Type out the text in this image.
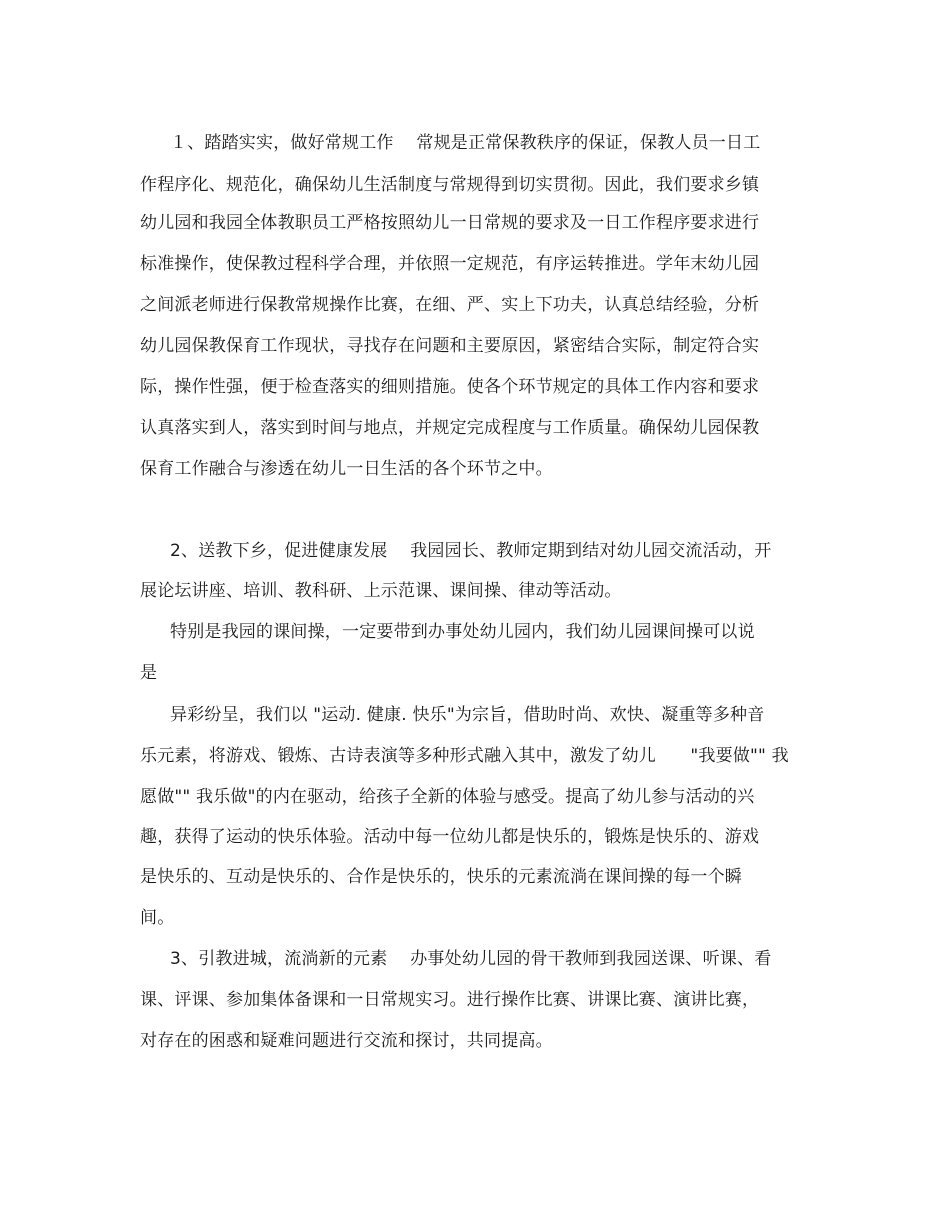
１、踏踏实实，做好常规工作　 常规是正常保教秩序的保证，保教人员一日工
作程序化、规范化，确保幼儿生活制度与常规得到切实贯彻。因此，我们要求乡镇
幼儿园和我园全体教职员工严格按照幼儿一日常规的要求及一日工作程序要求进行
标准操作，使保教过程科学合理，并依照一定规范，有序运转推进。学年末幼儿园
之间派老师进行保教常规操作比赛，在细、严、实上下功夫，认真总结经验，分析
幼儿园保教保育工作现状，寻找存在问题和主要原因，紧密结合实际，制定符合实
际，操作性强，便于检查落实的细则措施。使各个环节规定的具体工作内容和要求
认真落实到人，落实到时间与地点，并规定完成程度与工作质量。确保幼儿园保教
保育工作融合与渗透在幼儿一日生活的各个环节之中。
2、送教下乡，促进健康发展　 我园园长、教师定期到结对幼儿园交流活动，开
展论坛讲座、培训、教科研、上示范课、课间操、律动等活动。
特别是我园的课间操，一定要带到办事处幼儿园内，我们幼儿园课间操可以说
是
异彩纷呈，我们以 "运动. 健康. 快乐"为宗旨，借助时尚、欢快、凝重等多种音
乐元素，将游戏、锻炼、古诗表演等多种形式融入其中，激发了幼儿　　"我要做"" 我
愿做"" 我乐做"的内在驱动，给孩子全新的体验与感受。提高了幼儿参与活动的兴
趣，获得了运动的快乐体验。活动中每一位幼儿都是快乐的，锻炼是快乐的、游戏
是快乐的、互动是快乐的、合作是快乐的，快乐的元素流淌在课间操的每一个瞬
间。
3、引教进城，流淌新的元素　 办事处幼儿园的骨干教师到我园送课、听课、看
课、评课、参加集体备课和一日常规实习。进行操作比赛、讲课比赛、演讲比赛，
对存在的困惑和疑难问题进行交流和探讨，共同提高。
